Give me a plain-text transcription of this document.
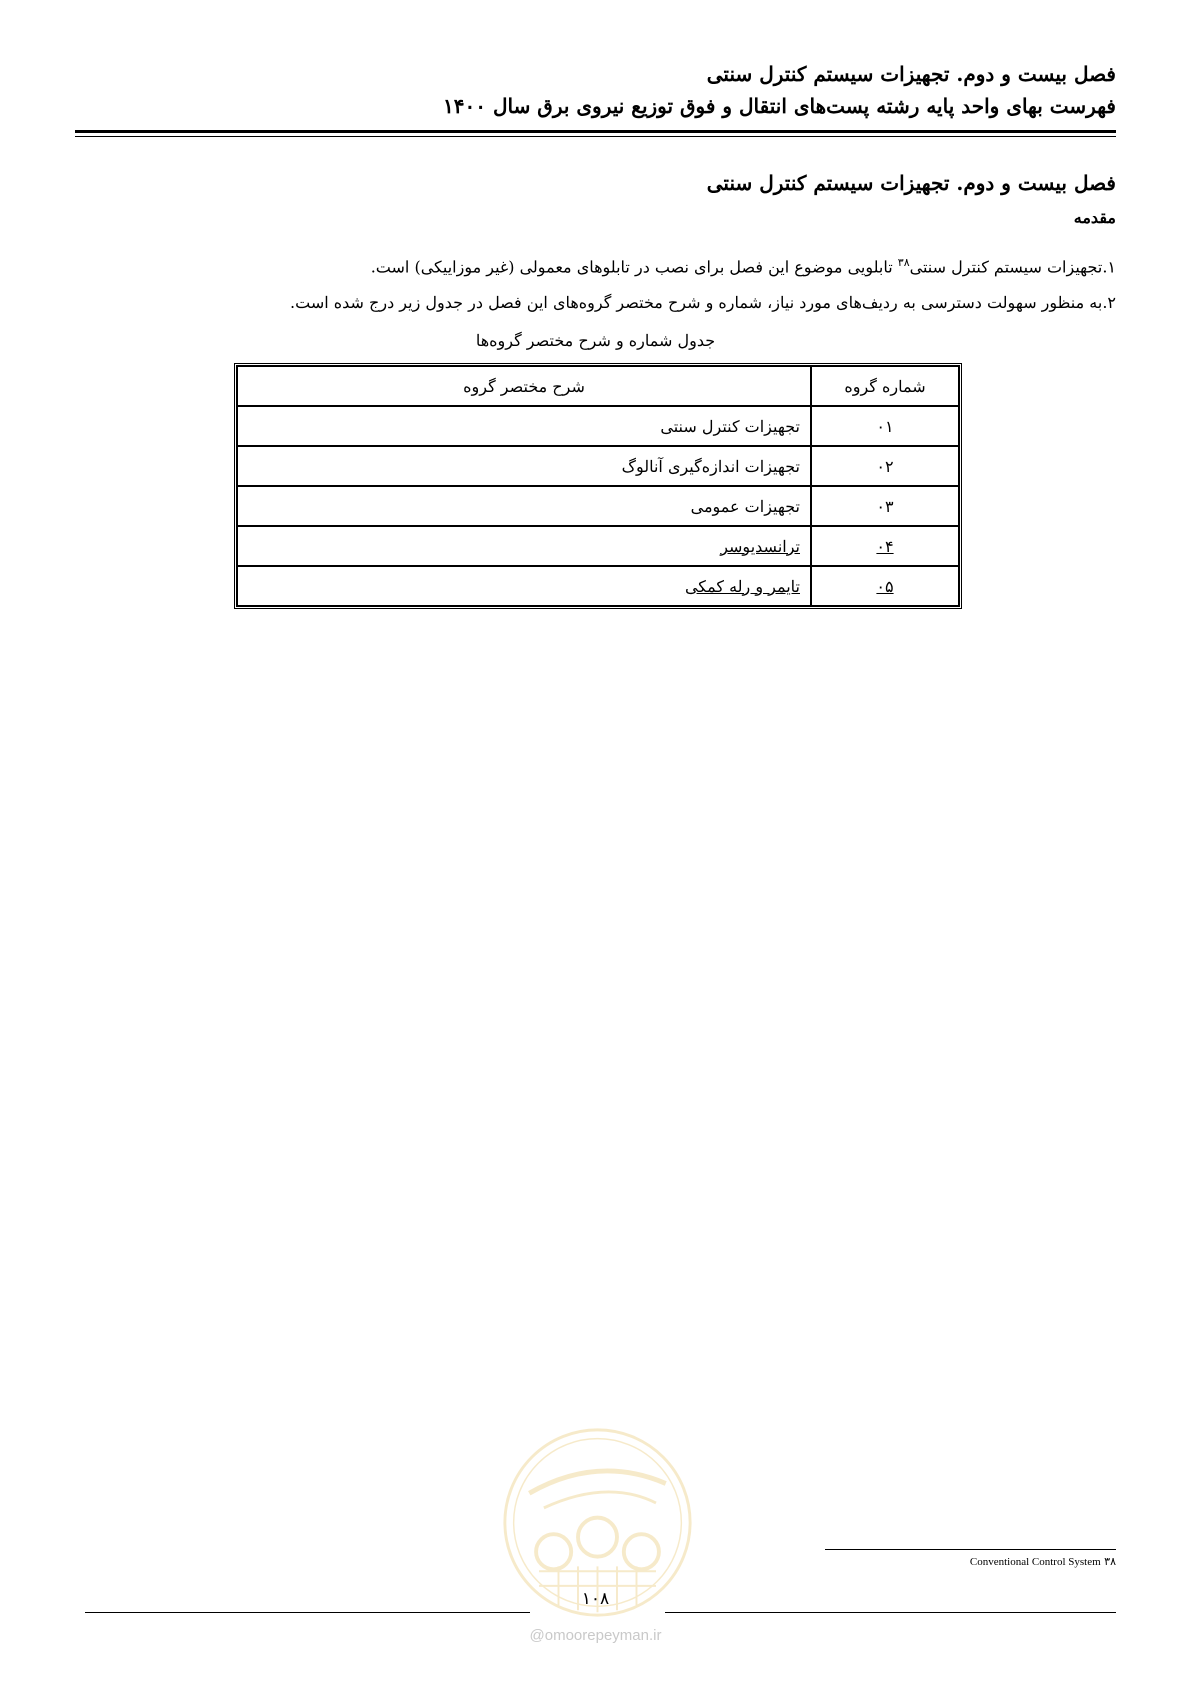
فصل بیست و دوم. تجهیزات سیستم کنترل سنتی
فهرست بهای واحد پایه رشته پست‌های انتقال و فوق توزیع نیروی برق سال ۱۴۰۰
فصل بیست و دوم. تجهیزات سیستم کنترل سنتی
مقدمه
۱.تجهیزات سیستم کنترل سنتی$^{۳۸}$ تابلویی موضوع این فصل برای نصب در تابلوهای معمولی (غیر موزاییکی) است.
۲.به منظور سهولت دسترسی به ردیف‌های مورد نیاز، شماره و شرح مختصر گروه‌های این فصل در جدول زیر درج شده است.
جدول شماره و شرح مختصر گروه‌ها
شماره گروه	شرح مختصر گروه
۰۱	تجهیزات کنترل سنتی
۰۲	تجهیزات اندازه‌گیری آنالوگ
۰۳	تجهیزات عمومی
۰۴	ترانسدیوسر
۰۵	تایمر و رله کمکی
۳۸ Conventional Control System
۱۰۸
@omoorepeyman.ir
